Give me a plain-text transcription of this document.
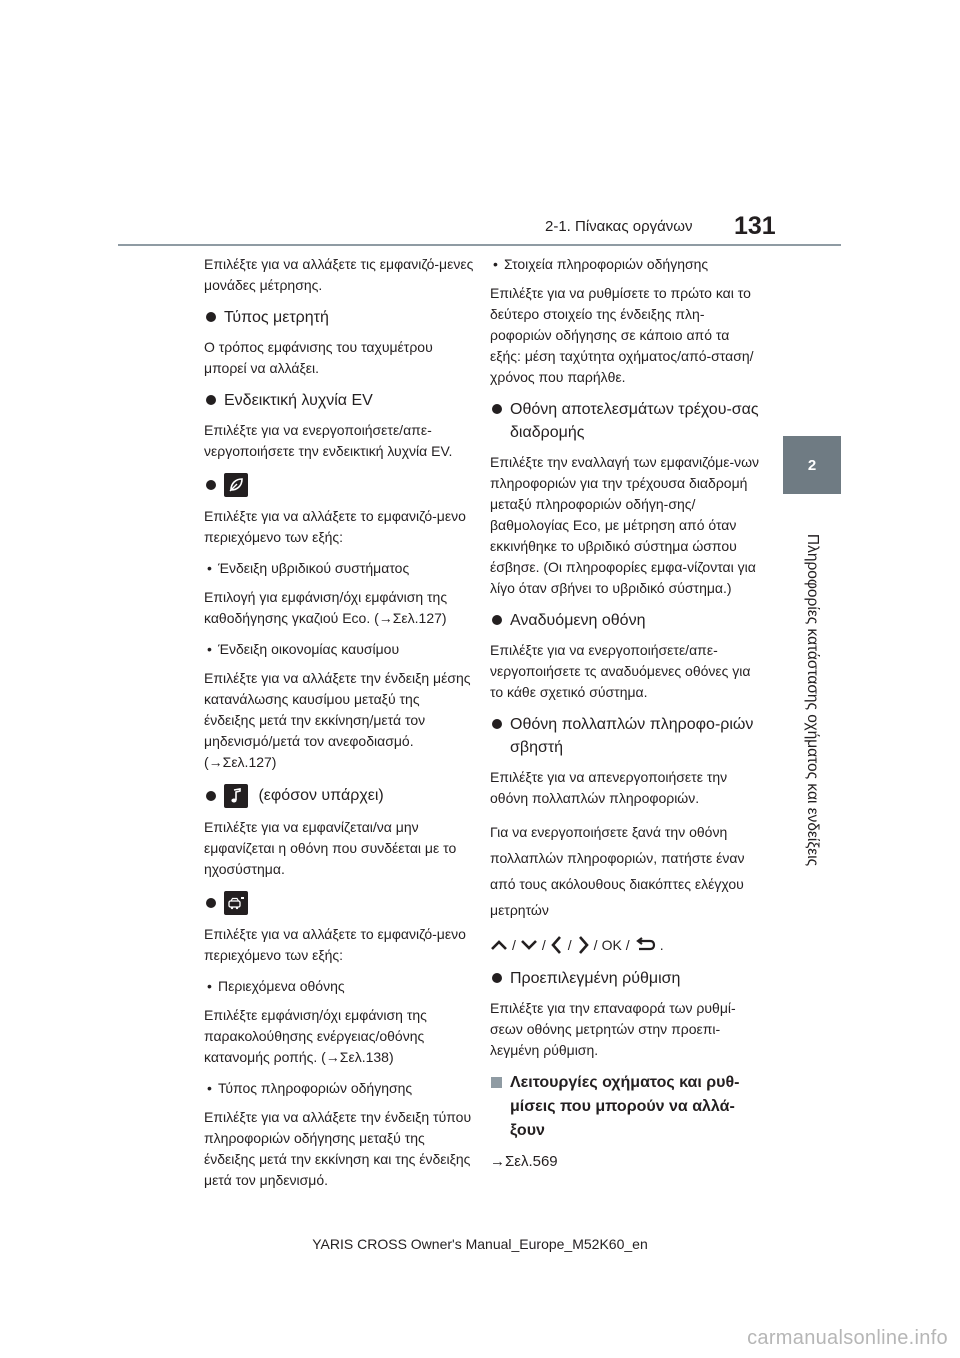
2-1. Πίνακας οργάνων 131
2
Πληροφορίες κατάστασης οχήματος και ενδείξεις

Επιλέξτε για να αλλάξετε τις εμφανιζό-μενες μονάδες μέτρησης.

Τύπος μετρητή

Ο τρόπος εμφάνισης του ταχυμέτρου μπορεί να αλλάξει.

Ενδεικτική λυχνία EV

Επιλέξτε για να ενεργοποιήσετε/απε-νεργοποιήσετε την ενδεικτική λυχνία EV.

Επιλέξτε για να αλλάξετε το εμφανιζό-μενο περιεχόμενο των εξής:

• Ένδειξη υβριδικού συστήματος

Επιλογή για εμφάνιση/όχι εμφάνιση της καθοδήγησης γκαζιού Eco. (→Σελ.127)

• Ένδειξη οικονομίας καυσίμου

Επιλέξτε για να αλλάξετε την ένδειξη μέσης κατανάλωσης καυσίμου μεταξύ της ένδειξης μετά την εκκίνηση/μετά τον μηδενισμό/μετά τον ανεφοδιασμό. (→Σελ.127)

(εφόσον υπάρχει)

Επιλέξτε για να εμφανίζεται/να μην εμφανίζεται η οθόνη που συνδέεται με το ηχοσύστημα.

Επιλέξτε για να αλλάξετε το εμφανιζό-μενο περιεχόμενο των εξής:

• Περιεχόμενα οθόνης

Επιλέξτε εμφάνιση/όχι εμφάνιση της παρακολούθησης ενέργειας/οθόνης κατανομής ροπής. (→Σελ.138)

• Τύπος πληροφοριών οδήγησης

Επιλέξτε για να αλλάξετε την ένδειξη τύπου πληροφοριών οδήγησης μεταξύ της ένδειξης μετά την εκκίνηση και της ένδειξης μετά τον μηδενισμό.

• Στοιχεία πληροφοριών οδήγησης

Επιλέξτε για να ρυθμίσετε το πρώτο και το δεύτερο στοιχείο της ένδειξης πλη-ροφοριών οδήγησης σε κάποιο από τα εξής: μέση ταχύτητα οχήματος/από-σταση/χρόνος που παρήλθε.

Οθόνη αποτελεσμάτων τρέχου-σας διαδρομής

Επιλέξτε την εναλλαγή των εμφανιζόμε-νων πληροφοριών για την τρέχουσα διαδρομή μεταξύ πληροφοριών οδήγη-σης/βαθμολογίας Eco, με μέτρηση από όταν εκκινήθηκε το υβριδικό σύστημα ώσπου έσβησε. (Οι πληροφορίες εμφα-νίζονται για λίγο όταν σβήνει το υβριδικό σύστημα.)

Αναδυόμενη οθόνη

Επιλέξτε για να ενεργοποιήσετε/απε-νεργοποιήσετε τς αναδυόμενες οθόνες για το κάθε σχετικό σύστημα.

Οθόνη πολλαπλών πληροφο-ριών σβηστή

Επιλέξτε για να απενεργοποιήσετε την οθόνη πολλαπλών πληροφοριών.

Για να ενεργοποιήσετε ξανά την οθόνη πολλαπλών πληροφοριών, πατήστε έναν από τους ακόλουθους διακόπτες ελέγχου μετρητών

/ / / / OK / .
Προεπιλεγμένη ρύθμιση

Επιλέξτε για την επαναφορά των ρυθμί-σεων οθόνης μετρητών στην προεπι-λεγμένη ρύθμιση.

Λειτουργίες οχήματος και ρυθ-μίσεις που μπορούν να αλλά-ξουν

→Σελ.569

YARIS CROSS Owner's Manual_Europe_M52K60_en
carmanualsonline.info
